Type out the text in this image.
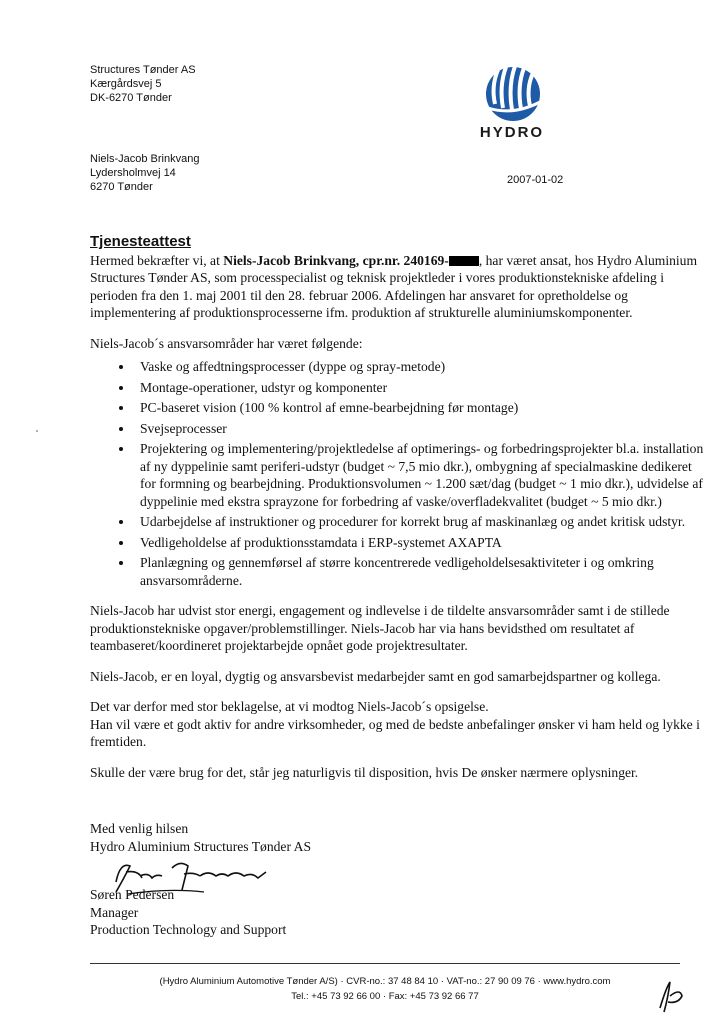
Structures Tønder AS
Kærgårdsvej 5
DK-6270 Tønder
HYDRO
Niels-Jacob Brinkvang
Lydersholmvej 14
6270 Tønder
2007-01-02
Tjenesteattest

Hermed bekræfter vi, at Niels-Jacob Brinkvang, cpr.nr. 240169- , har været ansat, hos Hydro Aluminium Structures Tønder AS, som processpecialist og teknisk projektleder i vores produktionstekniske afdeling i perioden fra den 1. maj 2001 til den 28. februar 2006. Afdelingen har ansvaret for opretholdelse og implementering af produktionsprocesserne ifm. produktion af strukturelle aluminiumskomponenter.

Niels-Jacob´s ansvarsområder har været følgende:
• Vaske og affedtningsprocesser (dyppe og spray-metode)
• Montage-operationer, udstyr og komponenter
• PC-baseret vision (100 % kontrol af emne-bearbejdning før montage)
• Svejseprocesser
• Projektering og implementering/projektledelse af optimerings- og forbedringsprojekter bl.a. installation af ny dyppelinie samt periferi-udstyr (budget ~ 7,5 mio dkr.), ombygning af specialmaskine dedikeret for formning og bearbejdning. Produktionsvolumen ~ 1.200 sæt/dag (budget ~ 1 mio dkr.), udvidelse af dyppelinie med ekstra sprayzone for forbedring af vaske/overfladekvalitet (budget ~ 5 mio dkr.)
• Udarbejdelse af instruktioner og procedurer for korrekt brug af maskinanlæg og andet kritisk udstyr.
• Vedligeholdelse af produktionsstamdata i ERP-systemet AXAPTA
• Planlægning og gennemførsel af større koncentrerede vedligeholdelsesaktiviteter i og omkring ansvarsområderne.

Niels-Jacob har udvist stor energi, engagement og indlevelse i de tildelte ansvarsområder samt i de stillede produktionstekniske opgaver/problemstillinger. Niels-Jacob har via hans bevidsthed om resultatet af teambaseret/koordineret projektarbejde opnået gode projektresultater.

Niels-Jacob, er en loyal, dygtig og ansvarsbevist medarbejder samt en god samarbejdspartner og kollega.

Det var derfor med stor beklagelse, at vi modtog Niels-Jacob´s opsigelse.
Han vil være et godt aktiv for andre virksomheder, og med de bedste anbefalinger ønsker vi ham held og lykke i fremtiden.

Skulle der være brug for det, står jeg naturligvis til disposition, hvis De ønsker nærmere oplysninger.

Med venlig hilsen
Hydro Aluminium Structures Tønder AS
Søren Pedersen
Manager
Production Technology and Support
(Hydro Aluminium Automotive Tønder A/S) · CVR-no.: 37 48 84 10 · VAT-no.: 27 90 09 76 · www.hydro.com
Tel.: +45 73 92 66 00 · Fax: +45 73 92 66 77
